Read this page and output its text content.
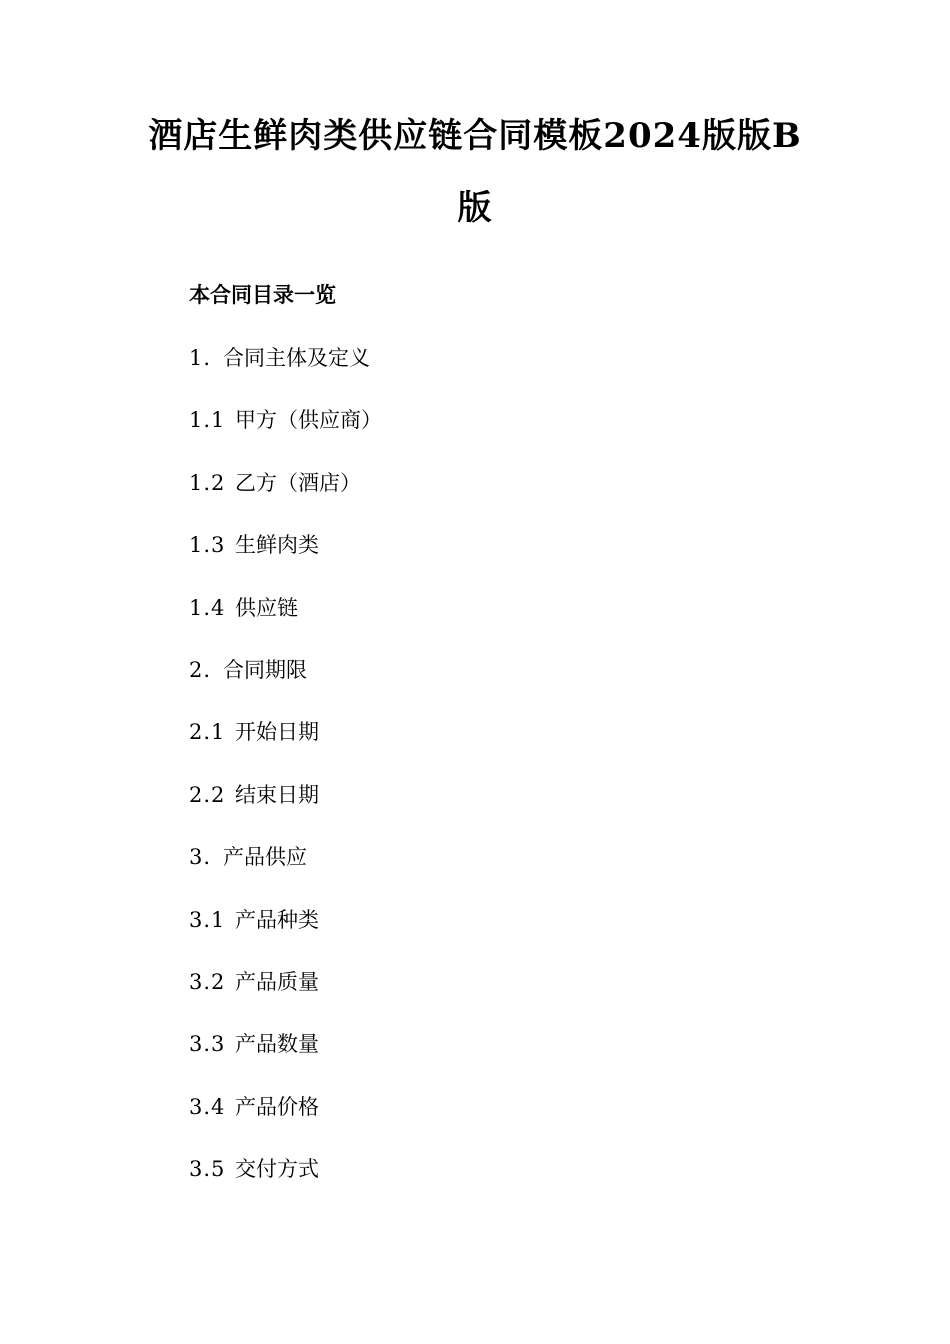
酒店生鲜肉类供应链合同模板2024版版B
版
本合同目录一览
1. 合同主体及定义
1.1 甲方（供应商）
1.2 乙方（酒店）
1.3 生鲜肉类
1.4 供应链
2. 合同期限
2.1 开始日期
2.2 结束日期
3. 产品供应
3.1 产品种类
3.2 产品质量
3.3 产品数量
3.4 产品价格
3.5 交付方式
